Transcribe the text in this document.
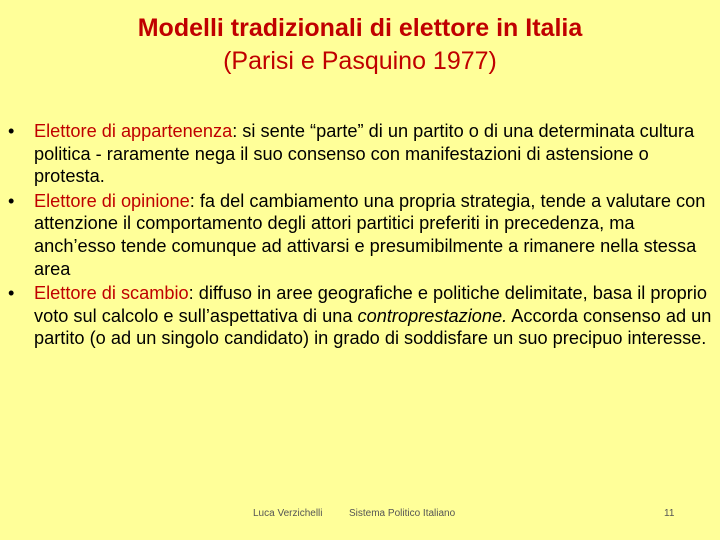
Modelli tradizionali di elettore in Italia
(Parisi e Pasquino 1977)
•	Elettore di appartenenza: si sente “parte” di un partito o di una determinata cultura politica - raramente nega il suo consenso con manifestazioni di astensione o protesta.
•	Elettore di opinione: fa del cambiamento una propria strategia, tende a valutare con attenzione il comportamento degli attori partitici preferiti in precedenza, ma anch’esso tende comunque ad attivarsi e presumibilmente a rimanere nella stessa area
•	Elettore di scambio: diffuso in aree geografiche e politiche delimitate, basa il proprio voto sul calcolo e sull’aspettativa di una controprestazione. Accorda consenso ad un partito (o ad un singolo candidato) in grado di soddisfare un suo precipuo interesse.
Luca Verzichelli	Sistema Politico Italiano	11
